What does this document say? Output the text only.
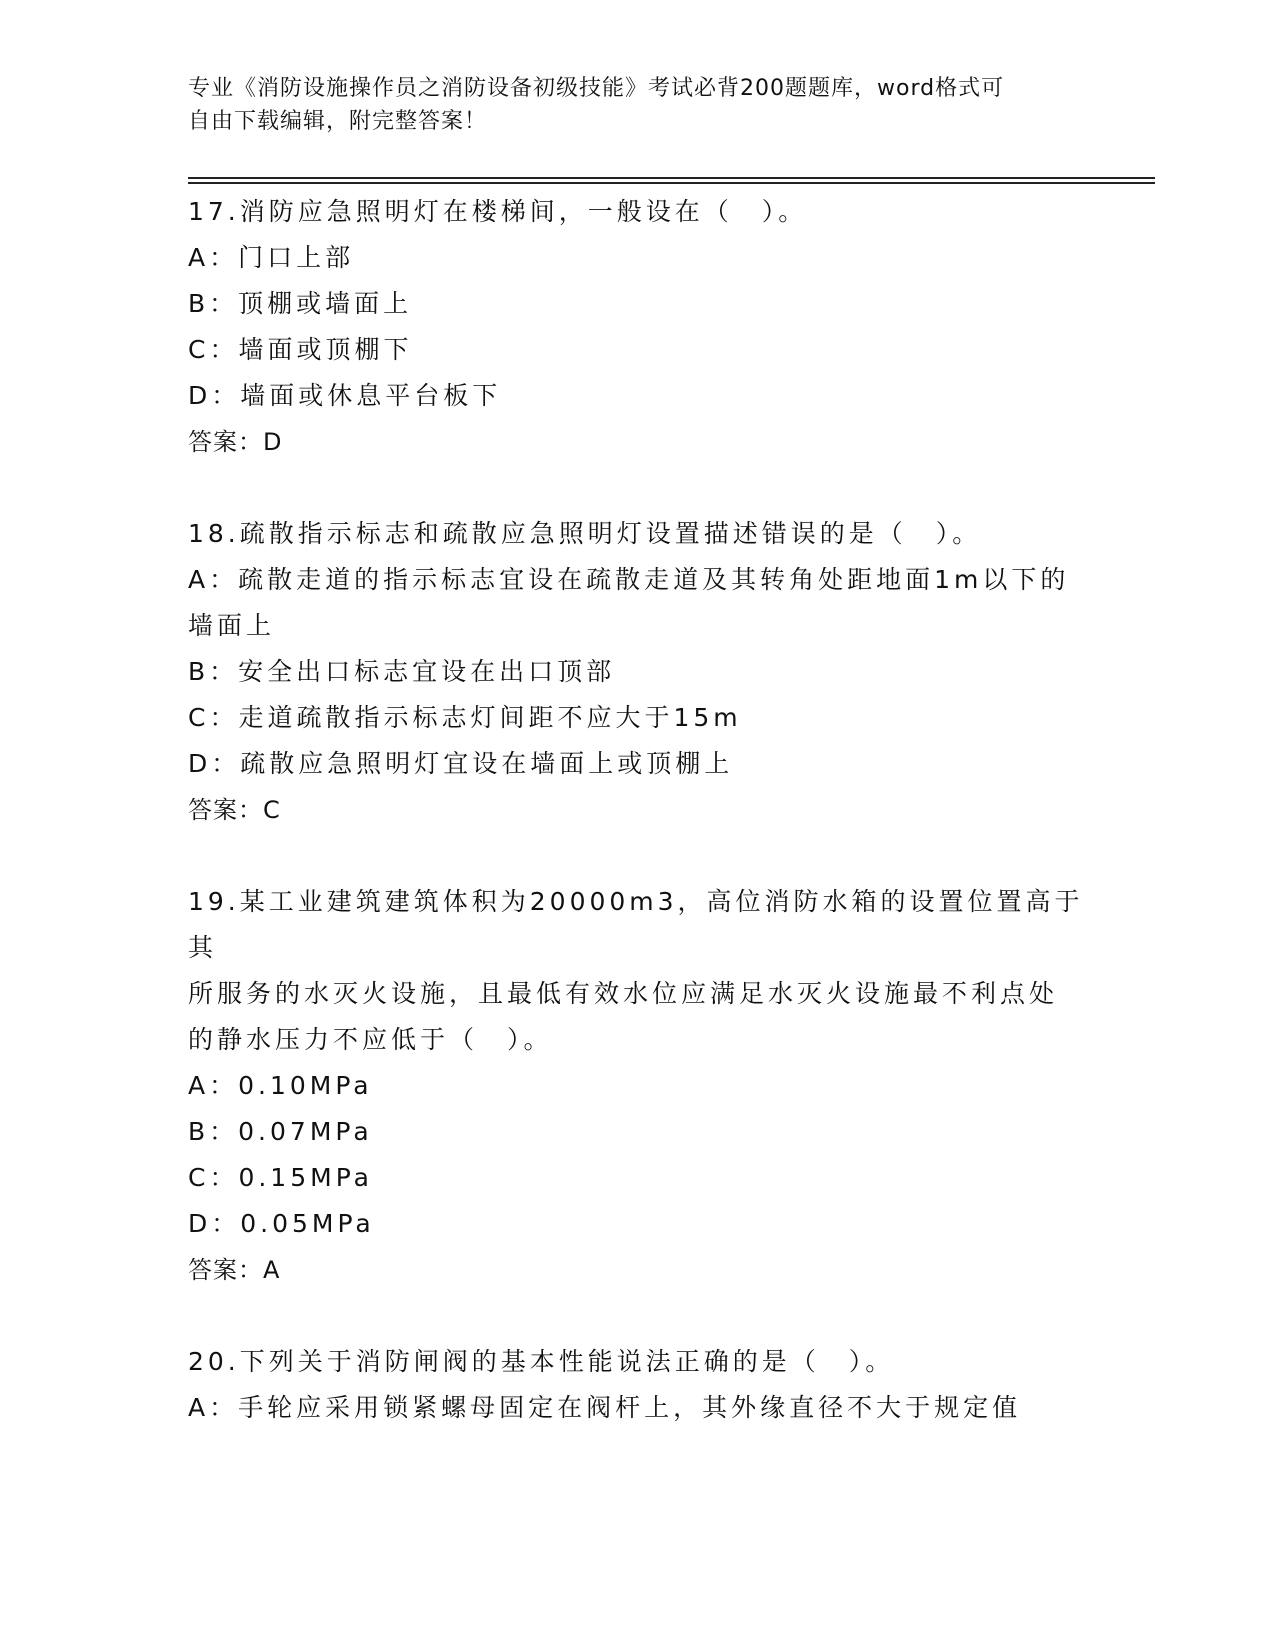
专业《消防设施操作员之消防设备初级技能》考试必背200题题库，word格式可
自由下载编辑，附完整答案！

17.消防应急照明灯在楼梯间，一般设在（　）。

A：门口上部

B：顶棚或墙面上

C：墙面或顶棚下

D：墙面或休息平台板下

答案：D

18.疏散指示标志和疏散应急照明灯设置描述错误的是（　）。

A：疏散走道的指示标志宜设在疏散走道及其转角处距地面1m以下的

墙面上

B：安全出口标志宜设在出口顶部

C：走道疏散指示标志灯间距不应大于15m

D：疏散应急照明灯宜设在墙面上或顶棚上

答案：C

19.某工业建筑建筑体积为20000m3，高位消防水箱的设置位置高于其

所服务的水灭火设施，且最低有效水位应满足水灭火设施最不利点处

的静水压力不应低于（　）。

A：0.10MPa

B：0.07MPa

C：0.15MPa

D：0.05MPa

答案：A

20.下列关于消防闸阀的基本性能说法正确的是（　）。

A：手轮应采用锁紧螺母固定在阀杆上，其外缘直径不大于规定值
